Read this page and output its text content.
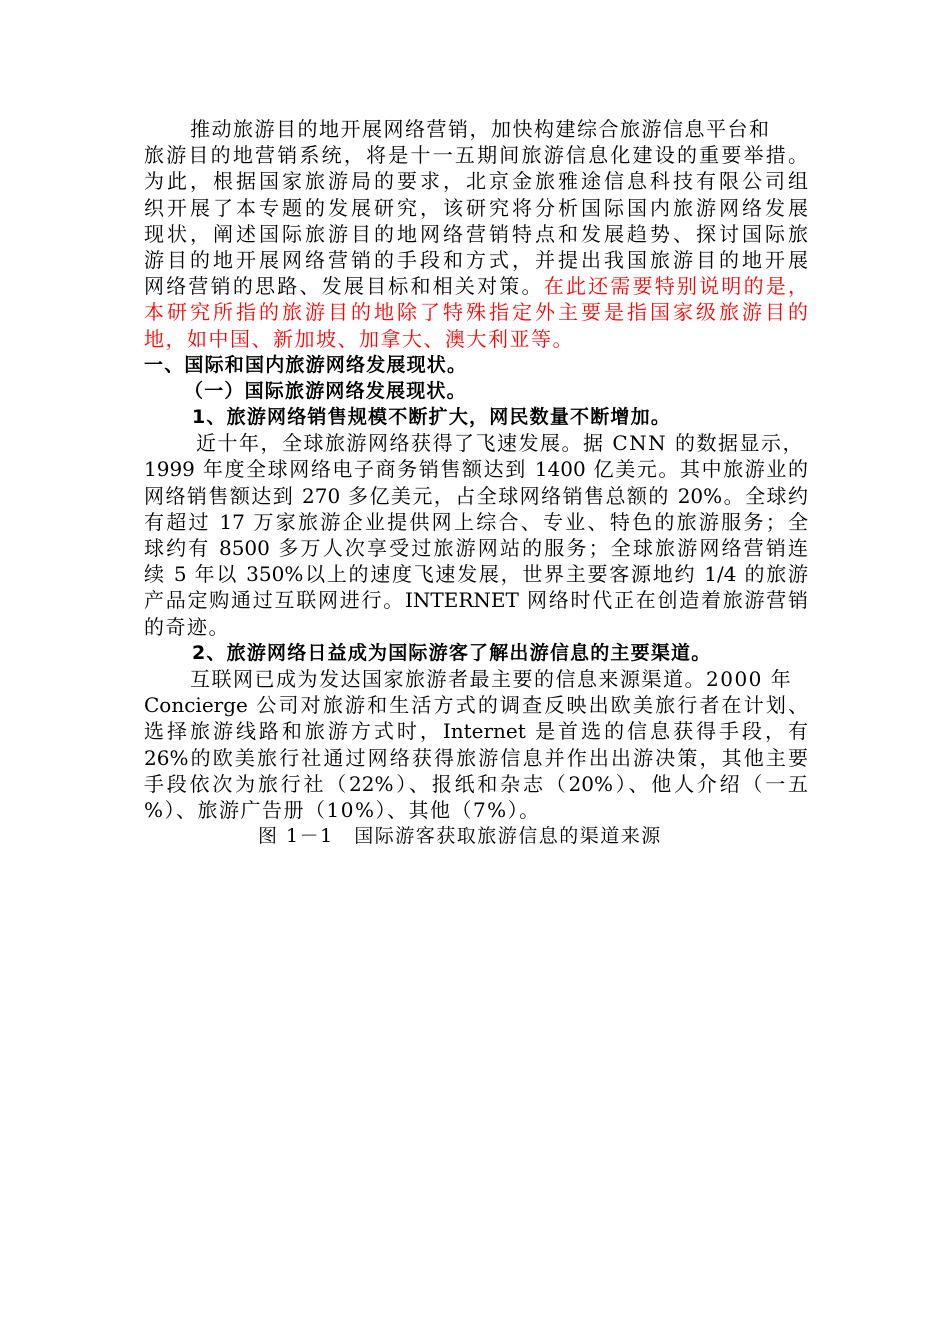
推动旅游目的地开展网络营销，加快构建综合旅游信息平台和
旅游目的地营销系统，将是十一五期间旅游信息化建设的重要举措。
为此，根据国家旅游局的要求，北京金旅雅途信息科技有限公司组
织开展了本专题的发展研究，该研究将分析国际国内旅游网络发展
现状，阐述国际旅游目的地网络营销特点和发展趋势、探讨国际旅
游目的地开展网络营销的手段和方式，并提出我国旅游目的地开展
网络营销的思路、发展目标和相关对策。在此还需要特别说明的是，
本研究所指的旅游目的地除了特殊指定外主要是指国家级旅游目的
地，如中国、新加坡、加拿大、澳大利亚等。
一、国际和国内旅游网络发展现状。
（一）国际旅游网络发展现状。
1、旅游网络销售规模不断扩大，网民数量不断增加。
近十年，全球旅游网络获得了飞速发展。据 CNN 的数据显示，
1999 年度全球网络电子商务销售额达到 1400 亿美元。其中旅游业的
网络销售额达到 270 多亿美元，占全球网络销售总额的 20%。全球约
有超过 17 万家旅游企业提供网上综合、专业、特色的旅游服务；全
球约有 8500 多万人次享受过旅游网站的服务；全球旅游网络营销连
续 5 年以 350%以上的速度飞速发展，世界主要客源地约 1/4 的旅游
产品定购通过互联网进行。INTERNET 网络时代正在创造着旅游营销
的奇迹。
2、旅游网络日益成为国际游客了解出游信息的主要渠道。
互联网已成为发达国家旅游者最主要的信息来源渠道。2000 年
Concierge 公司对旅游和生活方式的调查反映出欧美旅行者在计划、
选择旅游线路和旅游方式时，Internet 是首选的信息获得手段，有
26%的欧美旅行社通过网络获得旅游信息并作出出游决策，其他主要
手段依次为旅行社（22%）、报纸和杂志（20%）、他人介绍（一五
%）、旅游广告册（10%）、其他（7%）。
图 1－1　国际游客获取旅游信息的渠道来源
